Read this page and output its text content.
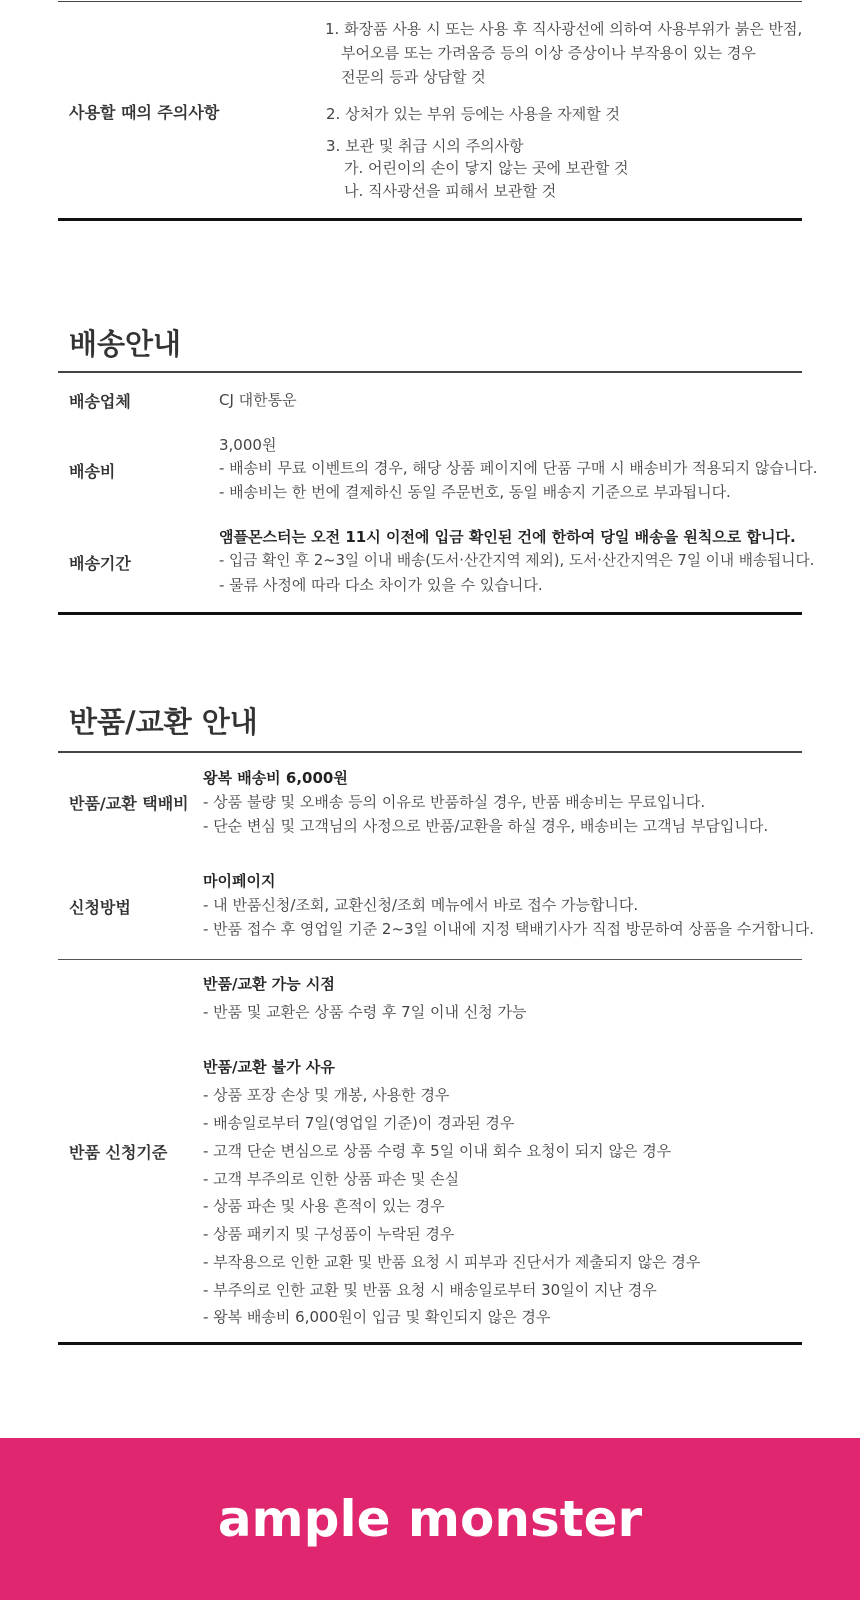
사용할 때의 주의사항
1. 화장품 사용 시 또는 사용 후 직사광선에 의하여 사용부위가 붉은 반점,
부어오름 또는 가려움증 등의 이상 증상이나 부작용이 있는 경우
전문의 등과 상담할 것
2. 상처가 있는 부위 등에는 사용을 자제할 것
3. 보관 및 취급 시의 주의사항
가. 어린이의 손이 닿지 않는 곳에 보관할 것
나. 직사광선을 피해서 보관할 것
배송안내
배송업체	CJ 대한통운
배송비
3,000원
- 배송비 무료 이벤트의 경우, 해당 상품 페이지에 단품 구매 시 배송비가 적용되지 않습니다.
- 배송비는 한 번에 결제하신 동일 주문번호, 동일 배송지 기준으로 부과됩니다.
배송기간
앰플몬스터는 오전 11시 이전에 입금 확인된 건에 한하여 당일 배송을 원칙으로 합니다.
- 입금 확인 후 2~3일 이내 배송(도서·산간지역 제외), 도서·산간지역은 7일 이내 배송됩니다.
- 물류 사정에 따라 다소 차이가 있을 수 있습니다.
반품/교환 안내
반품/교환 택배비
왕복 배송비 6,000원
- 상품 불량 및 오배송 등의 이유로 반품하실 경우, 반품 배송비는 무료입니다.
- 단순 변심 및 고객님의 사정으로 반품/교환을 하실 경우, 배송비는 고객님 부담입니다.
신청방법
마이페이지
- 내 반품신청/조회, 교환신청/조회 메뉴에서 바로 접수 가능합니다.
- 반품 접수 후 영업일 기준 2~3일 이내에 지정 택배기사가 직접 방문하여 상품을 수거합니다.
반품 신청기준
반품/교환 가능 시점
- 반품 및 교환은 상품 수령 후 7일 이내 신청 가능
반품/교환 불가 사유
- 상품 포장 손상 및 개봉, 사용한 경우
- 배송일로부터 7일(영업일 기준)이 경과된 경우
- 고객 단순 변심으로 상품 수령 후 5일 이내 회수 요청이 되지 않은 경우
- 고객 부주의로 인한 상품 파손 및 손실
- 상품 파손 및 사용 흔적이 있는 경우
- 상품 패키지 및 구성품이 누락된 경우
- 부작용으로 인한 교환 및 반품 요청 시 피부과 진단서가 제출되지 않은 경우
- 부주의로 인한 교환 및 반품 요청 시 배송일로부터 30일이 지난 경우
- 왕복 배송비 6,000원이 입금 및 확인되지 않은 경우
ample monster
